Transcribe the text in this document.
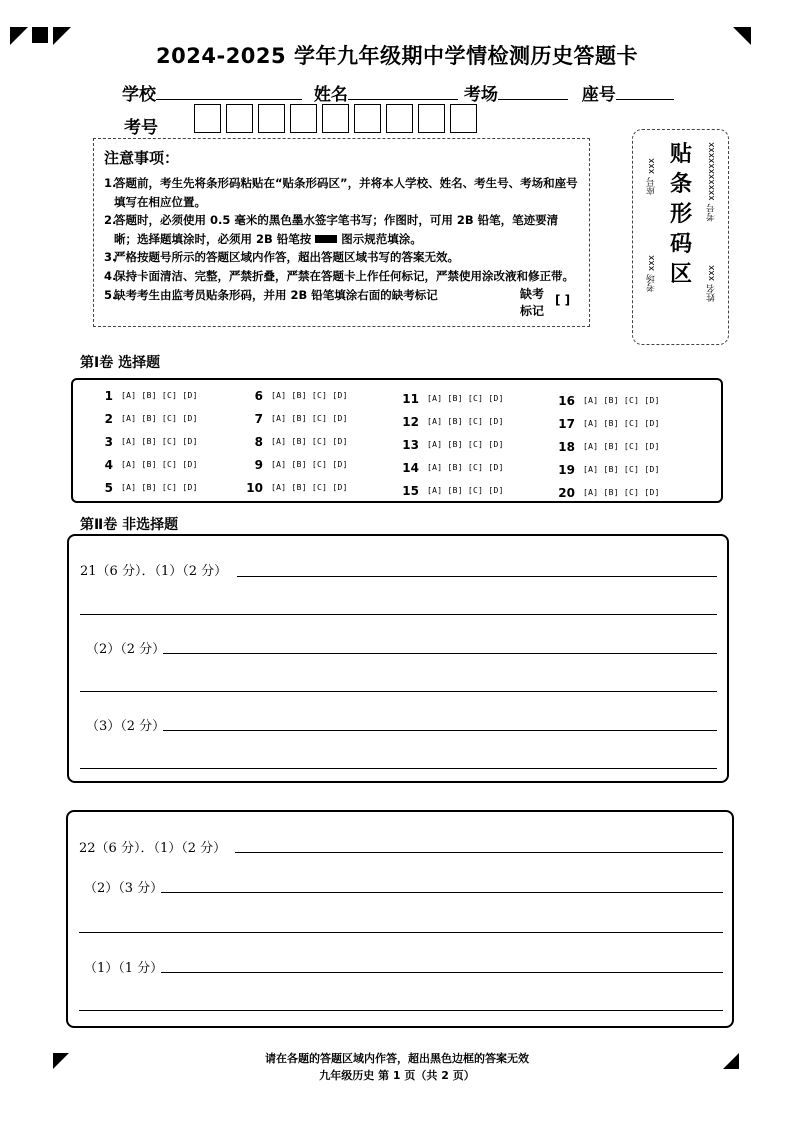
2024-2025 学年九年级期中学情检测历史答题卡
学校	姓名	考场	座号
考号
注意事项：
1.
答题前，考生先将条形码粘贴在“贴条形码区”，并将本人学校、姓名、考生号、考场和座号填写在相应位置。
2.
答题时，必须使用 0.5 毫米的黑色墨水签字笔书写；作图时，可用 2B 铅笔，笔迹要清晰；选择题填涂时，必须用 2B 铅笔按	图示规范填涂。
3.
严格按题号所示的答题区域内作答，超出答题区域书写的答案无效。
4.
保持卡面清洁、完整，严禁折叠，严禁在答题卡上作任何标记，严禁使用涂改液和修正带。
5.
缺考考生由监考员贴条形码，并用 2B 铅笔填涂右面的缺考标记	缺考
标记
[ ]
贴
条
形
码
区
座号 xxx	考号 xxxxxxxxxxx
考场 xxx	姓名 xxx
第Ⅰ卷 选择题
1 [A] [B] [C] [D]
2 [A] [B] [C] [D]
3 [A] [B] [C] [D]
4 [A] [B] [C] [D]
5 [A] [B] [C] [D]
6 [A] [B] [C] [D]
7 [A] [B] [C] [D]
8 [A] [B] [C] [D]
9 [A] [B] [C] [D]
10 [A] [B] [C] [D]
11 [A] [B] [C] [D]
12 [A] [B] [C] [D]
13 [A] [B] [C] [D]
14 [A] [B] [C] [D]
15 [A] [B] [C] [D]
16 [A] [B] [C] [D]
17 [A] [B] [C] [D]
18 [A] [B] [C] [D]
19 [A] [B] [C] [D]
20 [A] [B] [C] [D]
第Ⅱ卷 非选择题
21（6 分）．（1）（2 分）
（2）（2 分）
（3）（2 分）
22（6 分）．（1）（2 分）
（2）（3 分）
（1）（1 分）
请在各题的答题区域内作答，超出黑色边框的答案无效
九年级历史 第 1 页（共 2 页）
